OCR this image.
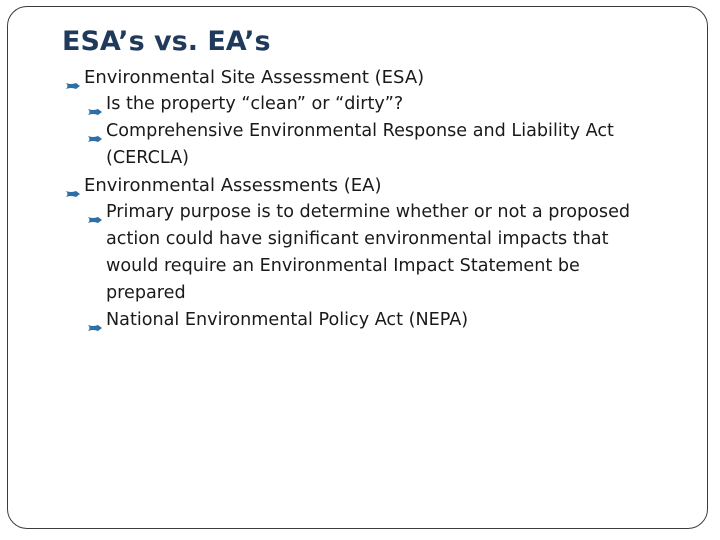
ESA’s vs. EA’s
Environmental Site Assessment (ESA)
Is the property “clean” or “dirty”?
Comprehensive Environmental Response and Liability Act (CERCLA)
Environmental Assessments (EA)
Primary purpose is to determine whether or not a proposed action could have significant environmental impacts that would require an Environmental Impact Statement be prepared
National Environmental Policy Act (NEPA)
